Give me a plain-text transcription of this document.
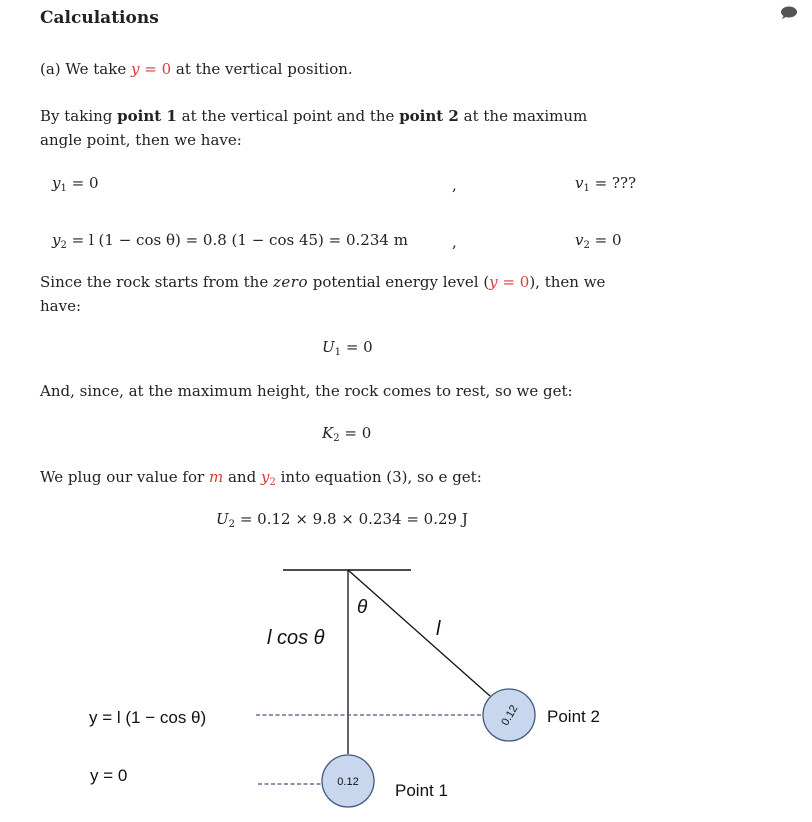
Calculations
(a) We take y = 0 at the vertical position.
By taking point 1 at the vertical point and the point 2 at the maximum
angle point, then we have:
$y_1 = 0$	,	$v_1$ = ???
$y_2 = l$ (1 − cos θ) = 0.8 (1 − cos 45) = 0.234 m	,	$v_2 = 0$
Since the rock starts from the zero potential energy level (y = 0), then we
have:
$U_1 = 0$
And, since, at the maximum height, the rock comes to rest, so we get:
$K_2 = 0$
We plug our value for m and $y_2$ into equation (3), so e get:
$U_2 = 0.12 \times 9.8 \times 0.234 = 0.29$ J
0.12
0.12
θ
l cos θ	l
y = l (1 − cos θ)
y = 0
Point 1
Point 2
